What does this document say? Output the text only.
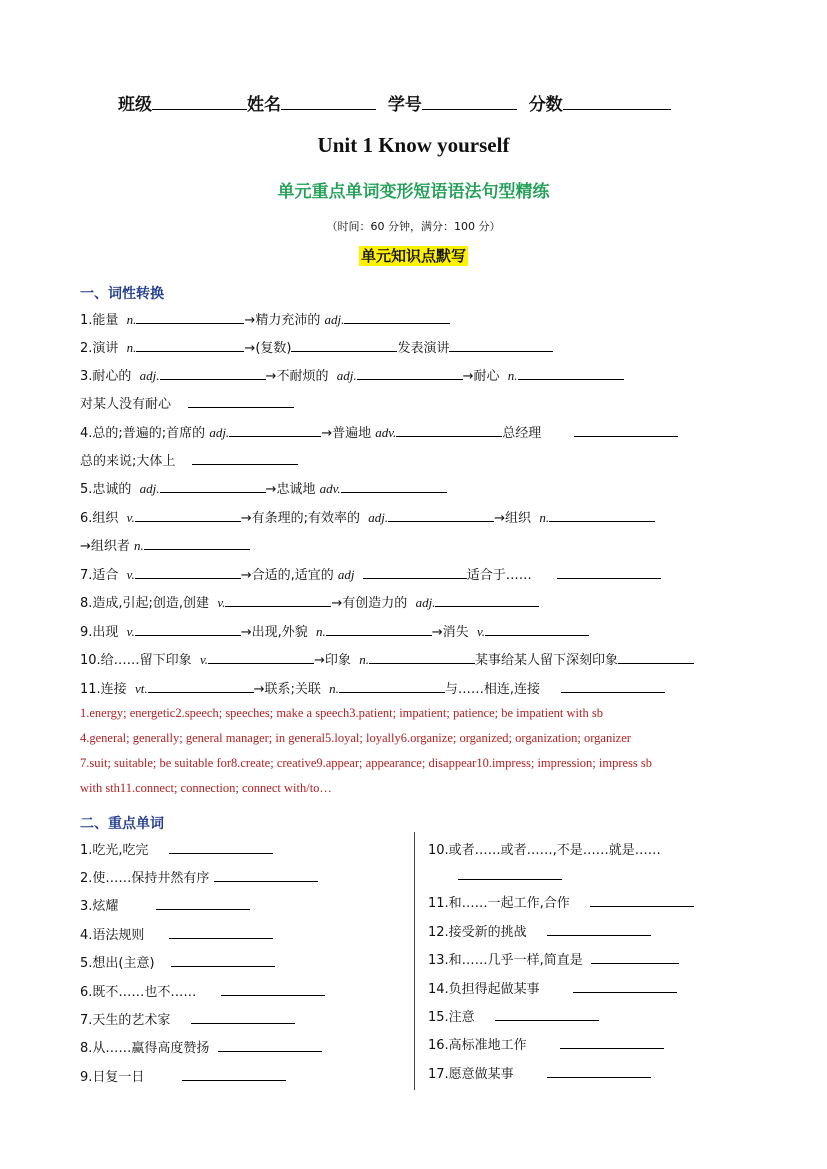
班级	姓名	学号	分数
Unit 1 Know yourself
单元重点单词变形短语语法句型精练
（时间：60 分钟，满分：100 分）
单元知识点默写
一、词性转换
1.能量 n.	→精力充沛的 adj.
2.演讲 n.	→(复数)	发表演讲
3.耐心的 adj.	→不耐烦的 adj.	→耐心 n.
对某人没有耐心
4.总的;普遍的;首席的 adj.	→普遍地 adv.	总经理
总的来说;大体上
5.忠诚的 adj.	→忠诚地 adv.
6.组织 v.	→有条理的;有效率的 adj.	→组织 n.
→组织者 n.
7.适合 v.	→合适的,适宜的 adj	适合于……
8.造成,引起;创造,创建 v.	→有创造力的 adj.
9.出现 v.	→出现,外貌 n.	→消失 v.
10.给……留下印象 v.	→印象 n.	某事给某人留下深刻印象
11.连接 vt.	→联系;关联 n.	与……相连,连接
1.energy; energetic2.speech; speeches; make a speech3.patient; impatient; patience; be impatient with sb
4.general; generally; general manager; in general5.loyal; loyally6.organize; organized; organization; organizer
7.suit; suitable; be suitable for8.create; creative9.appear; appearance; disappear10.impress; impression; impress sb
with sth11.connect; connection; connect with/to…
二、重点单词
1.吃光,吃完
2.使……保持井然有序
3.炫耀
4.语法规则
5.想出(主意)
6.既不……也不……
7.天生的艺术家
8.从……赢得高度赞扬
9.日复一日
10.或者……或者……,不是……就是……
11.和……一起工作,合作
12.接受新的挑战
13.和……几乎一样,简直是
14.负担得起做某事
15.注意
16.高标准地工作
17.愿意做某事
